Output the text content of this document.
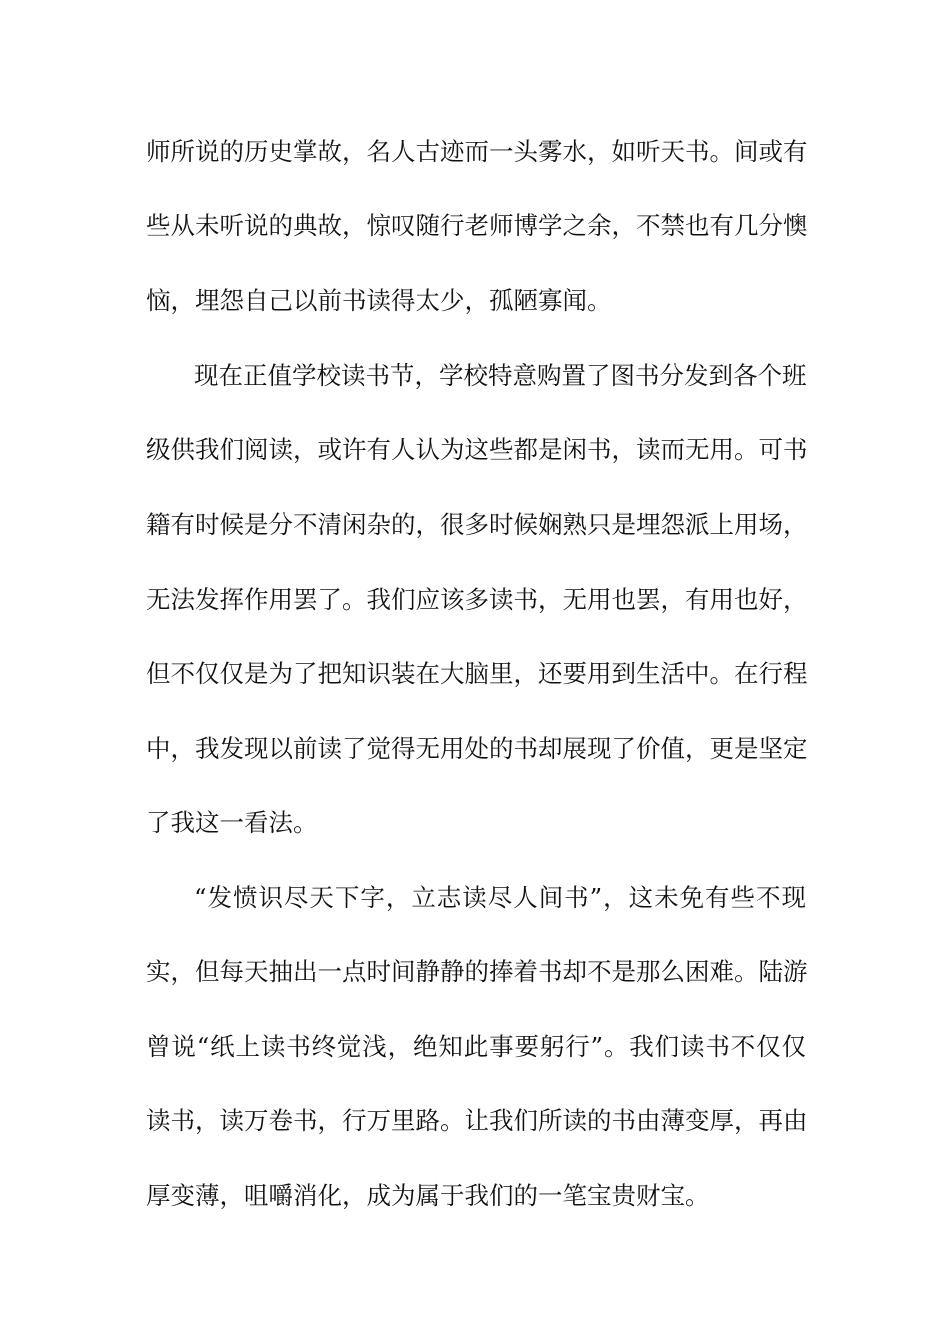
师所说的历史掌故，名人古迹而一头雾水，如听天书。间或有
些从未听说的典故，惊叹随行老师博学之余，不禁也有几分懊
恼，埋怨自己以前书读得太少，孤陋寡闻。
现在正值学校读书节，学校特意购置了图书分发到各个班
级供我们阅读，或许有人认为这些都是闲书，读而无用。可书
籍有时候是分不清闲杂的，很多时候娴熟只是埋怨派上用场，
无法发挥作用罢了。我们应该多读书，无用也罢，有用也好，
但不仅仅是为了把知识装在大脑里，还要用到生活中。在行程
中，我发现以前读了觉得无用处的书却展现了价值，更是坚定
了我这一看法。
“发愤识尽天下字，立志读尽人间书”，这未免有些不现
实，但每天抽出一点时间静静的捧着书却不是那么困难。陆游
曾说“纸上读书终觉浅，绝知此事要躬行”。我们读书不仅仅
读书，读万卷书，行万里路。让我们所读的书由薄变厚，再由
厚变薄，咀嚼消化，成为属于我们的一笔宝贵财宝。
